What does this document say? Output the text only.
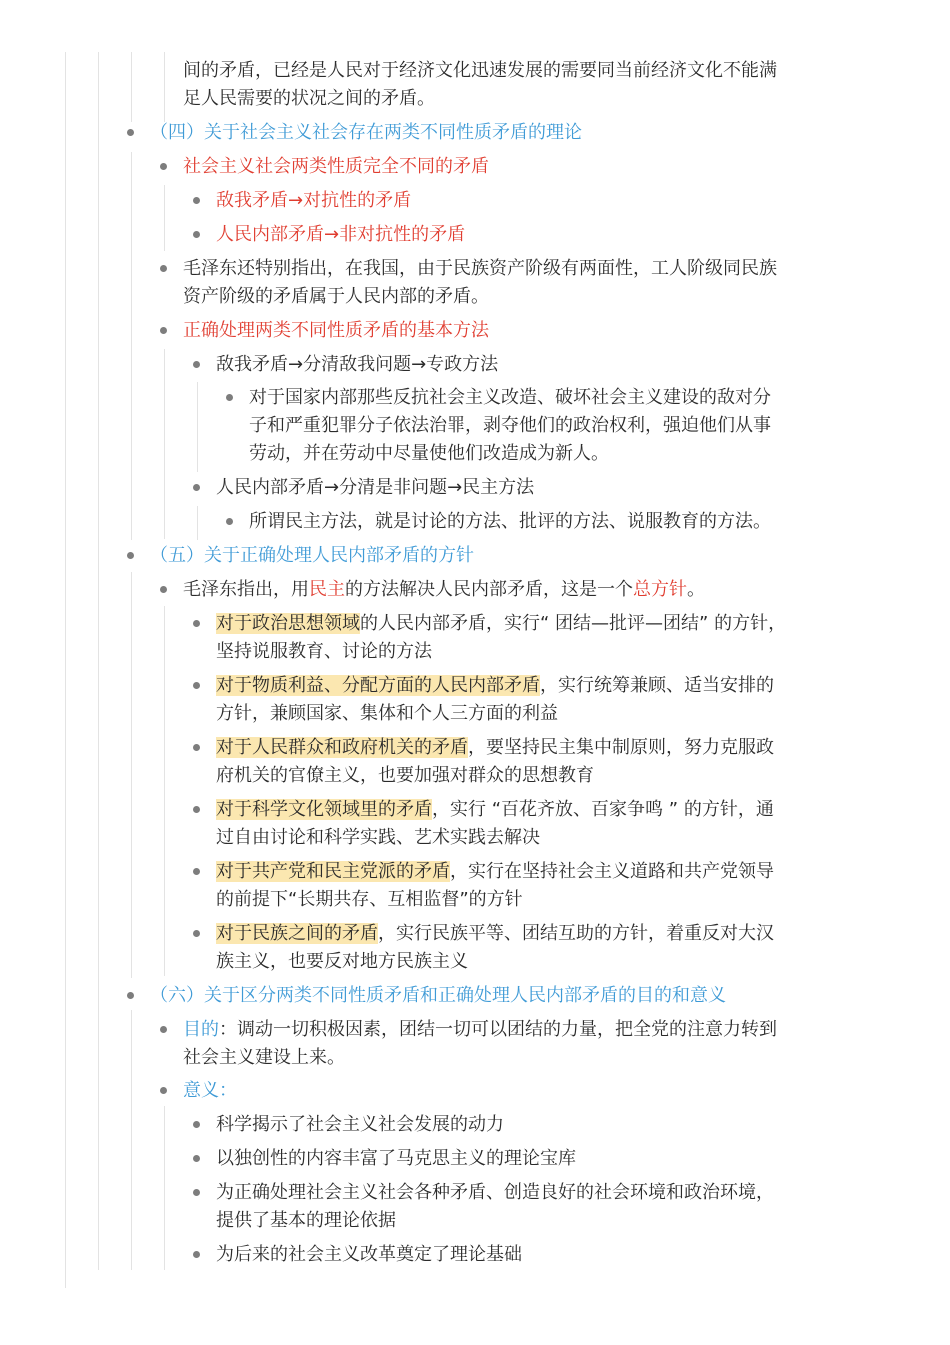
间的矛盾，已经是人民对于经济文化迅速发展的需要同当前经济文化不能满
足人民需要的状况之间的矛盾。
（四）关于社会主义社会存在两类不同性质矛盾的理论
社会主义社会两类性质完全不同的矛盾
敌我矛盾→对抗性的矛盾
人民内部矛盾→非对抗性的矛盾
毛泽东还特别指出，在我国，由于民族资产阶级有两面性，工人阶级同民族
资产阶级的矛盾属于人民内部的矛盾。
正确处理两类不同性质矛盾的基本方法
敌我矛盾→分清敌我问题→专政方法
对于国家内部那些反抗社会主义改造、破坏社会主义建设的敌对分
子和严重犯罪分子依法治罪，剥夺他们的政治权利，强迫他们从事
劳动，并在劳动中尽量使他们改造成为新人。
人民内部矛盾→分清是非问题→民主方法
所谓民主方法，就是讨论的方法、批评的方法、说服教育的方法。
（五）关于正确处理人民内部矛盾的方针
毛泽东指出，用民主的方法解决人民内部矛盾，这是一个总方针。
对于政治思想领域的人民内部矛盾，实行“ 团结—批评—团结” 的方针，
坚持说服教育、讨论的方法
对于物质利益、分配方面的人民内部矛盾，实行统筹兼顾、适当安排的
方针，兼顾国家、集体和个人三方面的利益
对于人民群众和政府机关的矛盾，要坚持民主集中制原则，努力克服政
府机关的官僚主义，也要加强对群众的思想教育
对于科学文化领域里的矛盾，实行 “百花齐放、百家争鸣 ” 的方针，通
过自由讨论和科学实践、艺术实践去解决
对于共产党和民主党派的矛盾，实行在坚持社会主义道路和共产党领导
的前提下“长期共存、互相监督”的方针
对于民族之间的矛盾，实行民族平等、团结互助的方针，着重反对大汉
族主义，也要反对地方民族主义
（六）关于区分两类不同性质矛盾和正确处理人民内部矛盾的目的和意义
目的：调动一切积极因素，团结一切可以团结的力量，把全党的注意力转到
社会主义建设上来。
意义：
科学揭示了社会主义社会发展的动力
以独创性的内容丰富了马克思主义的理论宝库
为正确处理社会主义社会各种矛盾、创造良好的社会环境和政治环境，
提供了基本的理论依据
为后来的社会主义改革奠定了理论基础
